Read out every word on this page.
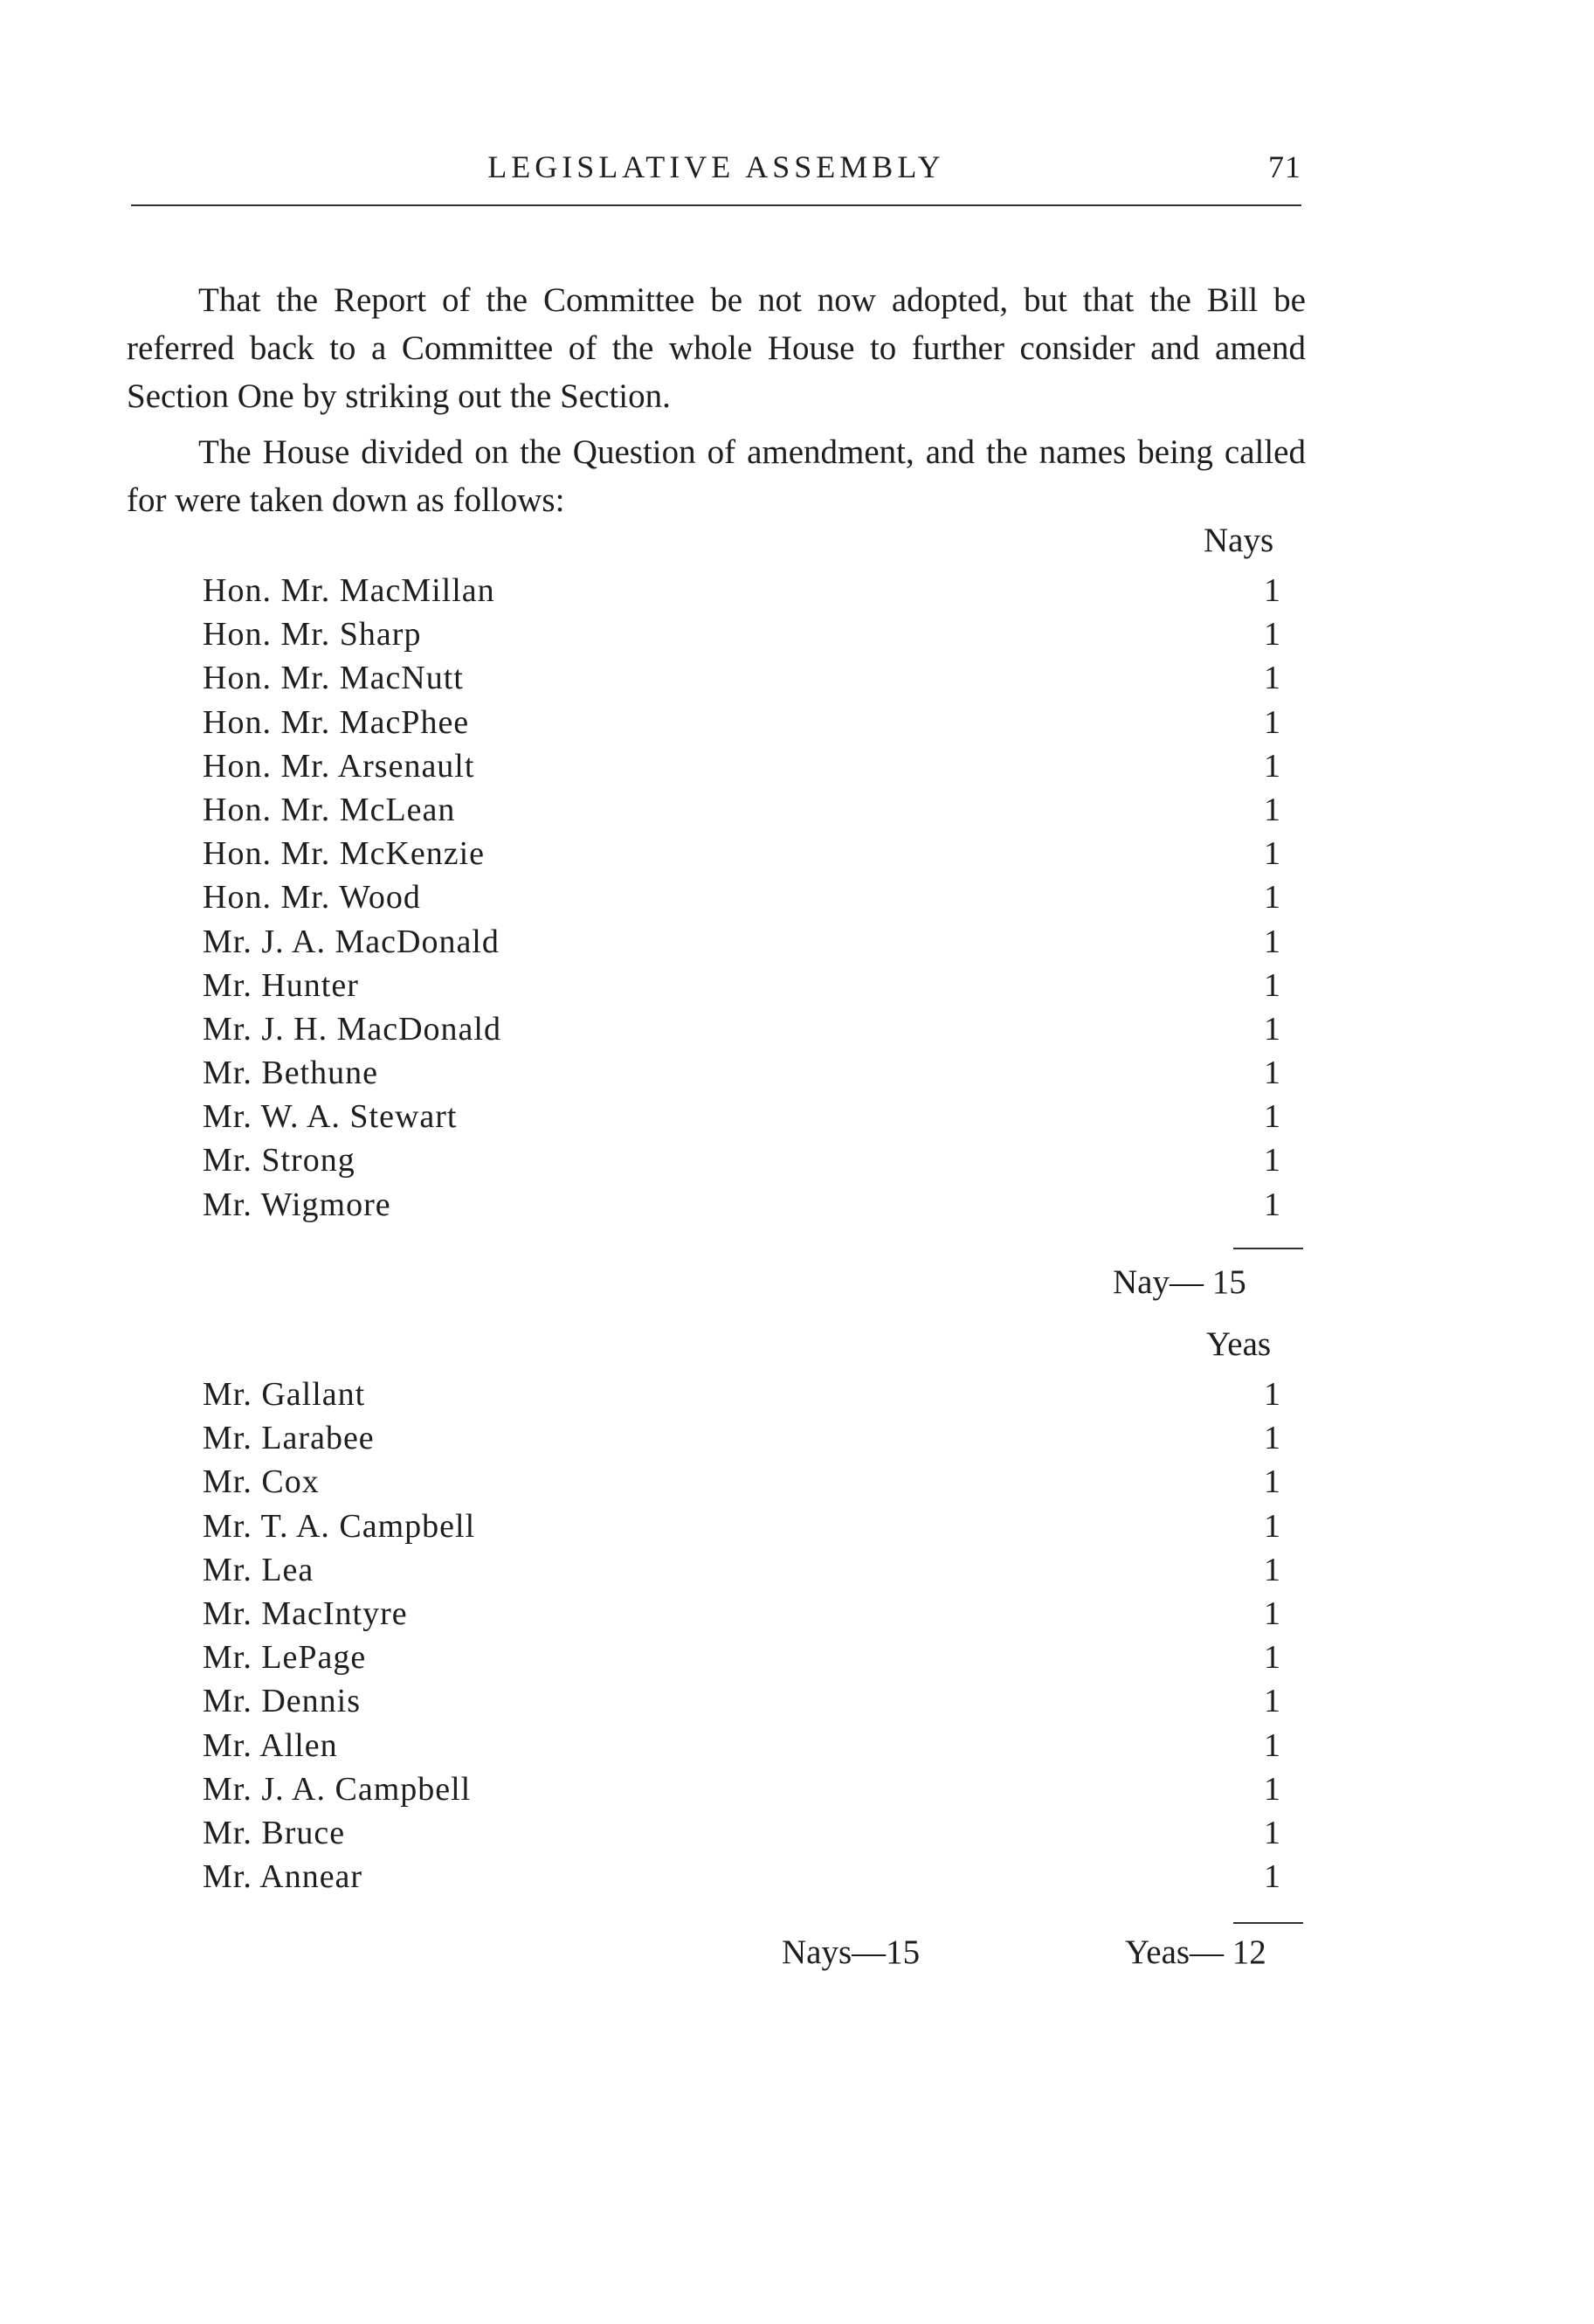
LEGISLATIVE ASSEMBLY	71

That the Report of the Committee be not now adopted, but that the Bill be referred back to a Committee of the whole House to further consider and amend Section One by striking out the Section.

The House divided on the Question of amendment, and the names being called for were taken down as follows:

Nays
Hon. Mr. MacMillan	1
Hon. Mr. Sharp	1
Hon. Mr. MacNutt	1
Hon. Mr. MacPhee	1
Hon. Mr. Arsenault	1
Hon. Mr. McLean	1
Hon. Mr. McKenzie	1
Hon. Mr. Wood	1
Mr. J. A. MacDonald	1
Mr. Hunter	1
Mr. J. H. MacDonald	1
Mr. Bethune	1
Mr. W. A. Stewart	1
Mr. Strong	1
Mr. Wigmore	1
Nay— 15
Yeas
Mr. Gallant	1
Mr. Larabee	1
Mr. Cox	1
Mr. T. A. Campbell	1
Mr. Lea	1
Mr. MacIntyre	1
Mr. LePage	1
Mr. Dennis	1
Mr. Allen	1
Mr. J. A. Campbell	1
Mr. Bruce	1
Mr. Annear	1
Nays—15	Yeas— 12
